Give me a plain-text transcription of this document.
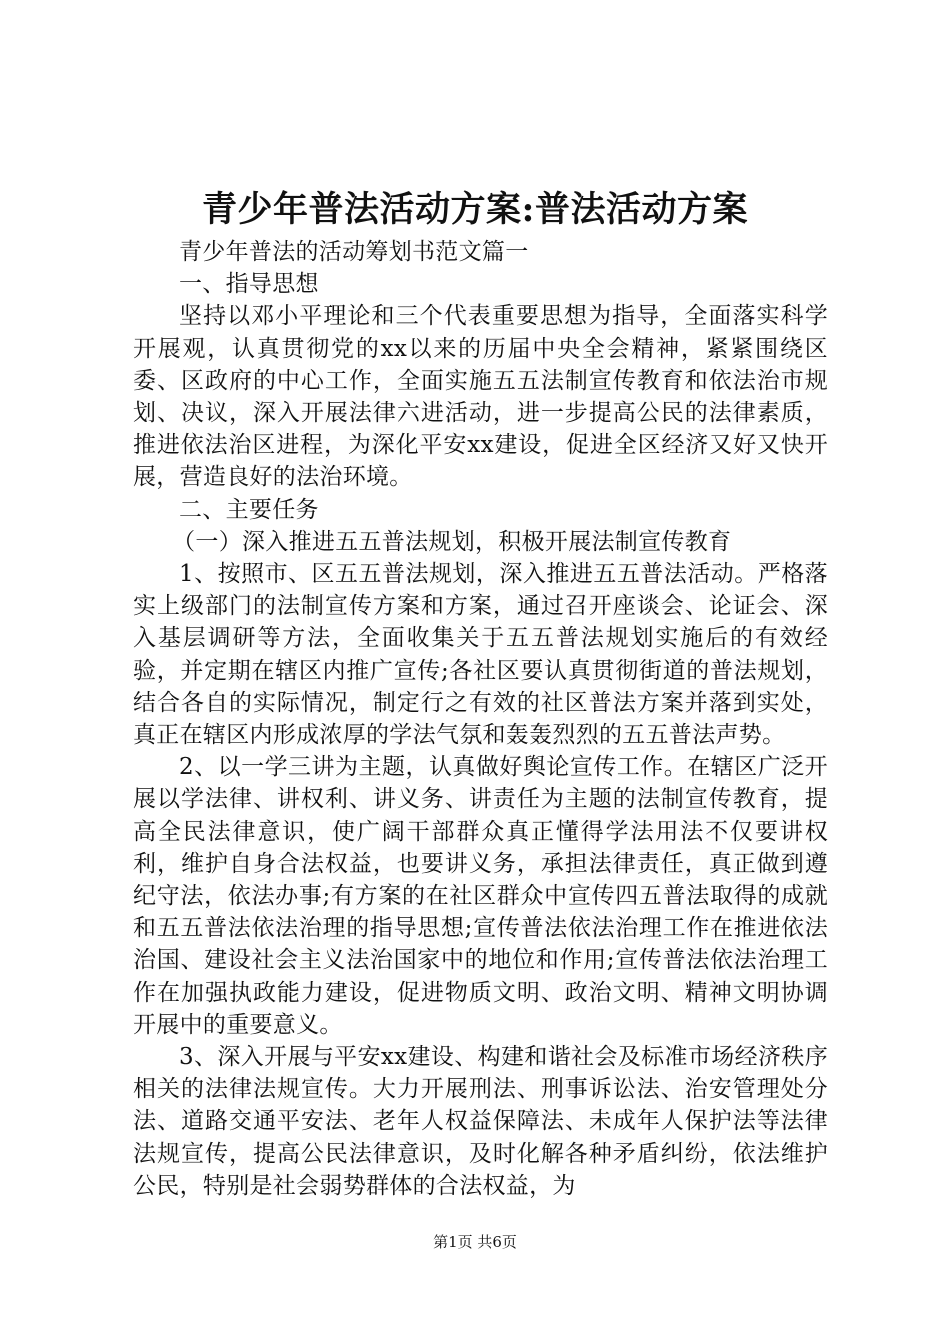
青少年普法活动方案:普法活动方案

青少年普法的活动筹划书范文篇一

一、指导思想

坚持以邓小平理论和三个代表重要思想为指导，全面落实科学开展观，认真贯彻党的xx以来的历届中央全会精神，紧紧围绕区委、区政府的中心工作，全面实施五五法制宣传教育和依法治市规划、决议，深入开展法律六进活动，进一步提高公民的法律素质，推进依法治区进程，为深化平安xx建设，促进全区经济又好又快开展，营造良好的法治环境。

二、主要任务

（一）深入推进五五普法规划，积极开展法制宣传教育

1、按照市、区五五普法规划，深入推进五五普法活动。严格落实上级部门的法制宣传方案和方案，通过召开座谈会、论证会、深入基层调研等方法，全面收集关于五五普法规划实施后的有效经验，并定期在辖区内推广宣传;各社区要认真贯彻街道的普法规划，结合各自的实际情况，制定行之有效的社区普法方案并落到实处，真正在辖区内形成浓厚的学法气氛和轰轰烈烈的五五普法声势。

2、以一学三讲为主题，认真做好舆论宣传工作。在辖区广泛开展以学法律、讲权利、讲义务、讲责任为主题的法制宣传教育，提高全民法律意识，使广阔干部群众真正懂得学法用法不仅要讲权利，维护自身合法权益，也要讲义务，承担法律责任，真正做到遵纪守法，依法办事;有方案的在社区群众中宣传四五普法取得的成就和五五普法依法治理的指导思想;宣传普法依法治理工作在推进依法治国、建设社会主义法治国家中的地位和作用;宣传普法依法治理工作在加强执政能力建设，促进物质文明、政治文明、精神文明协调开展中的重要意义。

3、深入开展与平安xx建设、构建和谐社会及标准市场经济秩序相关的法律法规宣传。大力开展刑法、刑事诉讼法、治安管理处分法、道路交通平安法、老年人权益保障法、未成年人保护法等法律法规宣传，提高公民法律意识，及时化解各种矛盾纠纷，依法维护公民，特别是社会弱势群体的合法权益，为

第1页 共6页
